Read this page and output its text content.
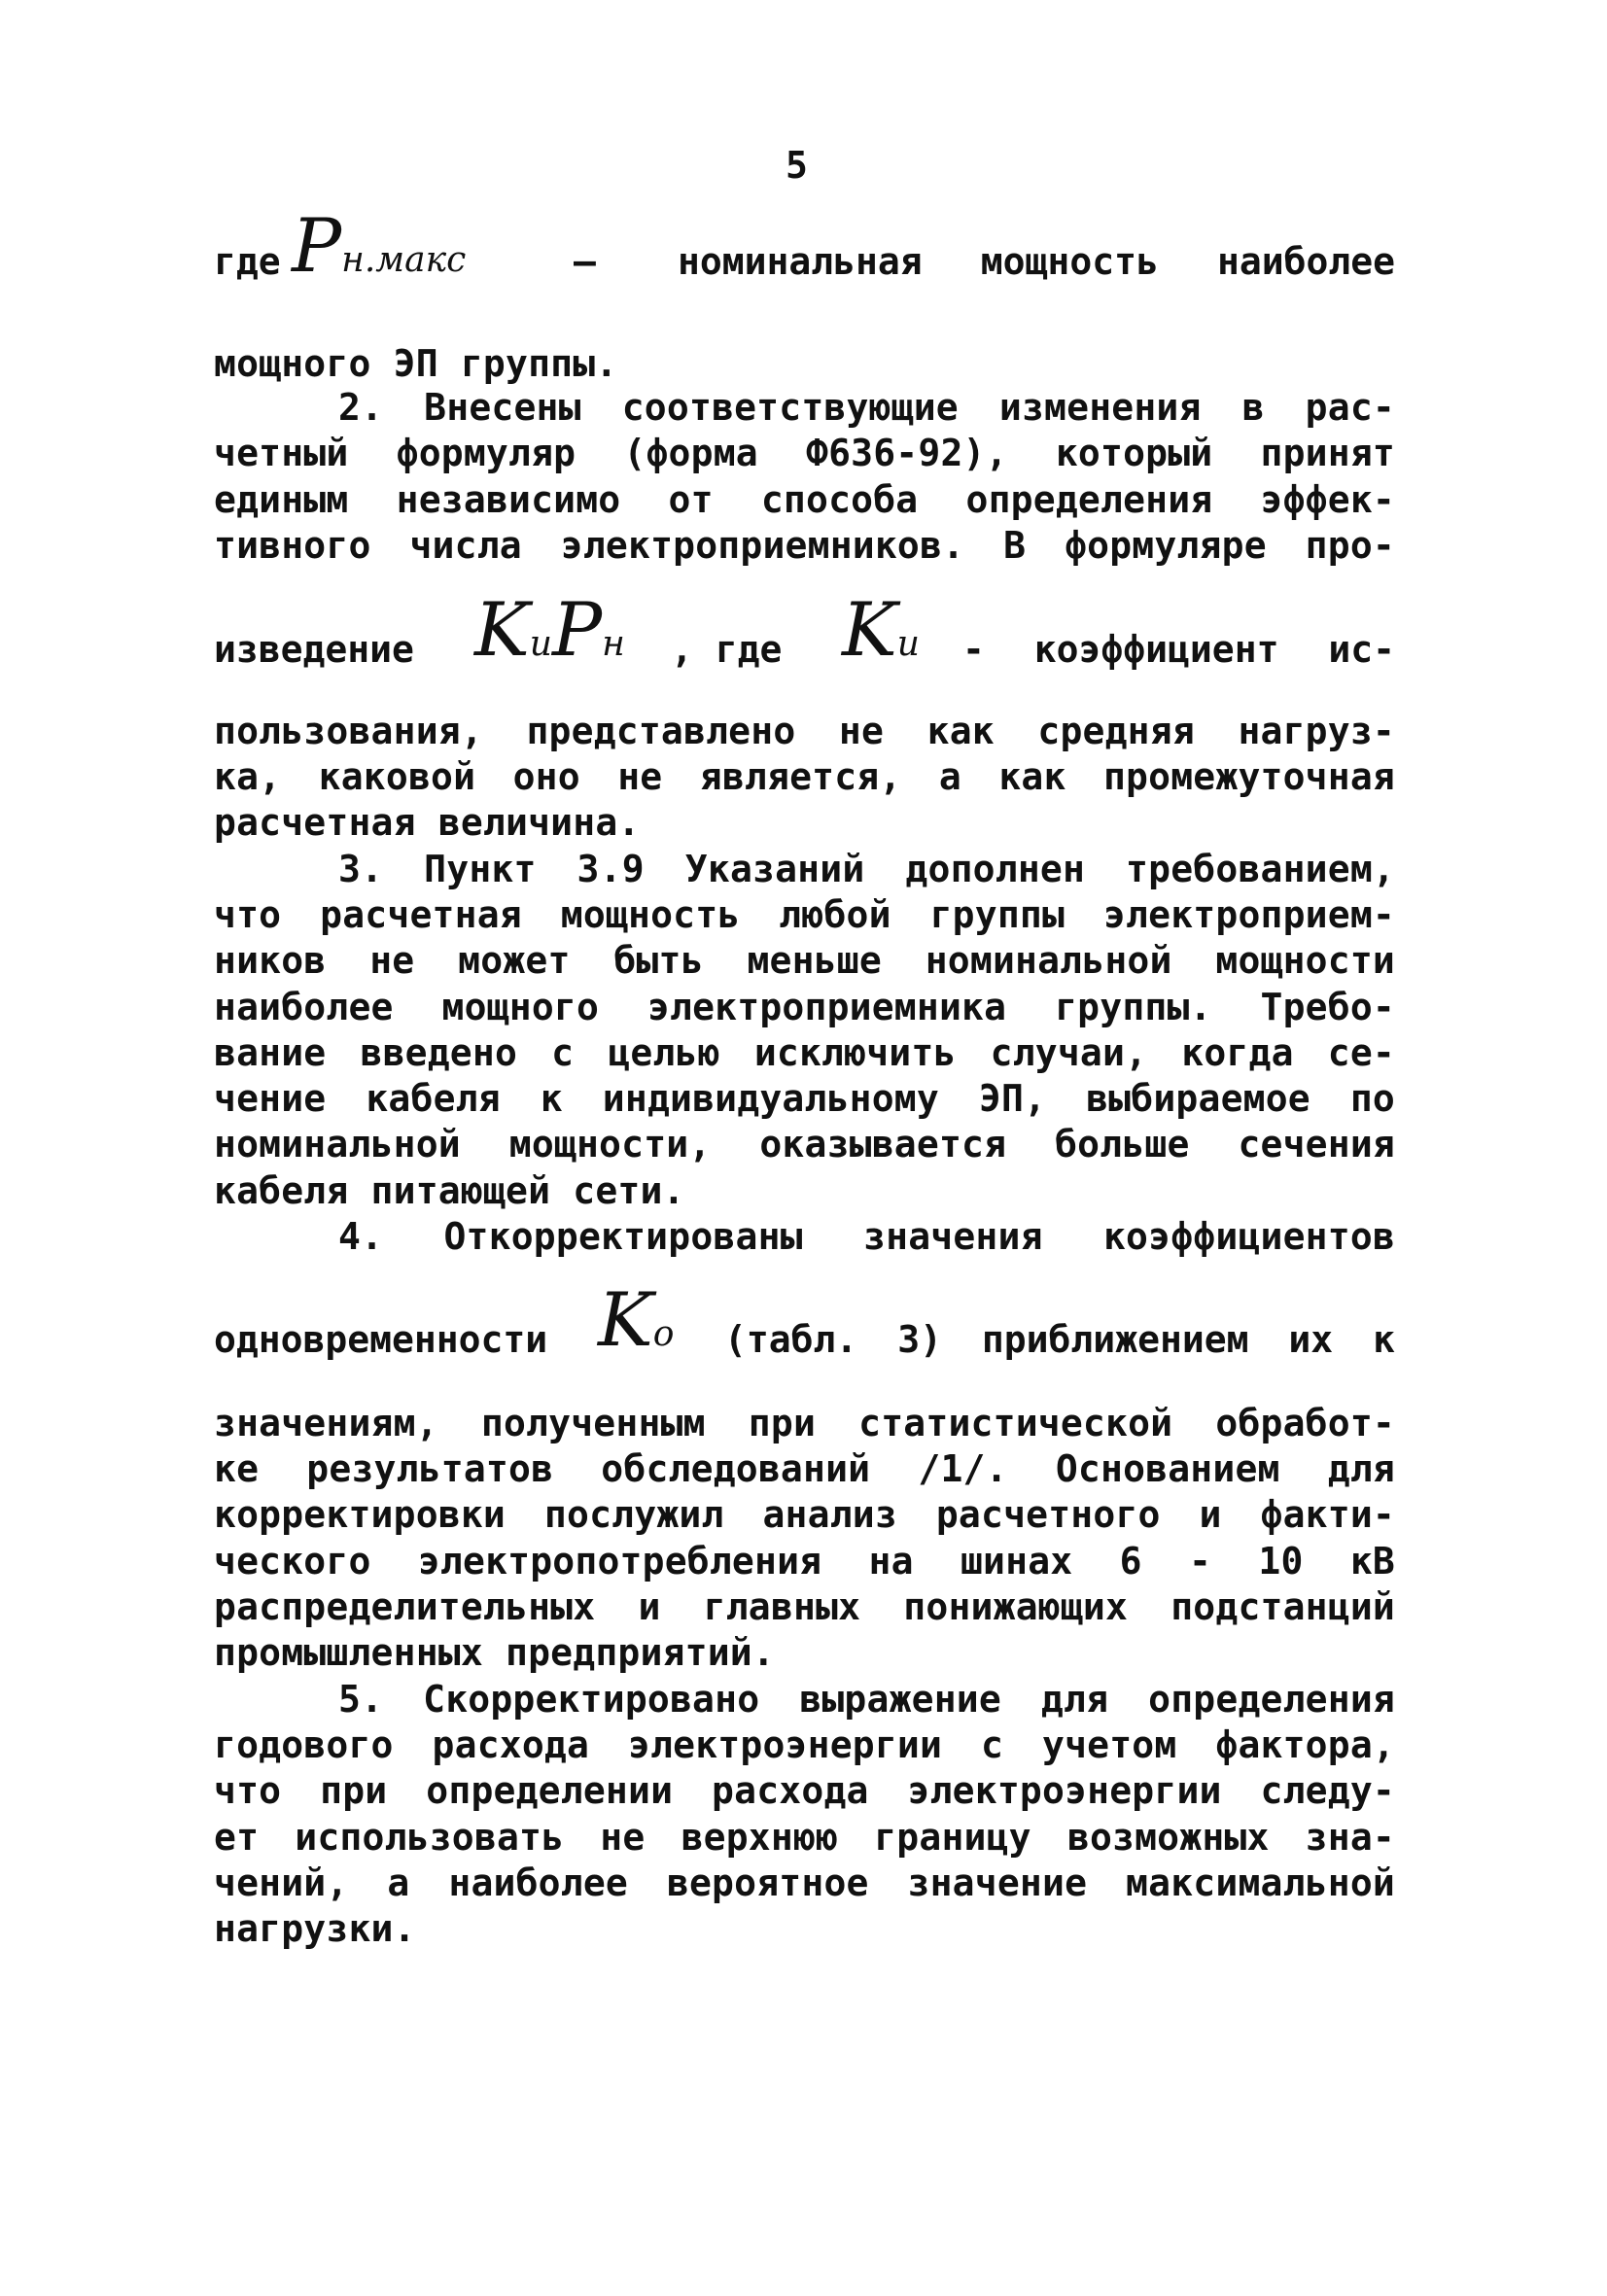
5
где Pн.макс	– номинальная мощность наиболее
мощного ЭП группы.
2. Внесены соответствующие изменения в рас-
четный формуляр (форма Ф636-92), который принят
единым независимо от способа определения эффек-
тивного числа электроприемников. В формуляре про-
изведение KиPн , где Kи - коэффициент ис-
пользования, представлено не как средняя нагруз-
ка, каковой оно не является, а как промежуточная
расчетная величина.
3. Пункт 3.9 Указаний дополнен требованием,
что расчетная мощность любой группы электроприем-
ников не может быть меньше номинальной мощности
наиболее мощного электроприемника группы. Требо-
вание введено с целью исключить случаи, когда се-
чение кабеля к индивидуальному ЭП, выбираемое по
номинальной мощности, оказывается больше сечения
кабеля питающей сети.
4. Откорректированы значения коэффициентов
одновременности Kо (табл. 3) приближением их к
значениям, полученным при статистической обработ-
ке результатов обследований /1/. Основанием для
корректировки послужил анализ расчетного и факти-
ческого электропотребления на шинах 6 - 10 кВ
распределительных и главных понижающих подстанций
промышленных предприятий.
5. Скорректировано выражение для определения
годового расхода электроэнергии с учетом фактора,
что при определении расхода электроэнергии следу-
ет использовать не верхнюю границу возможных зна-
чений, а наиболее вероятное значение максимальной
нагрузки.
